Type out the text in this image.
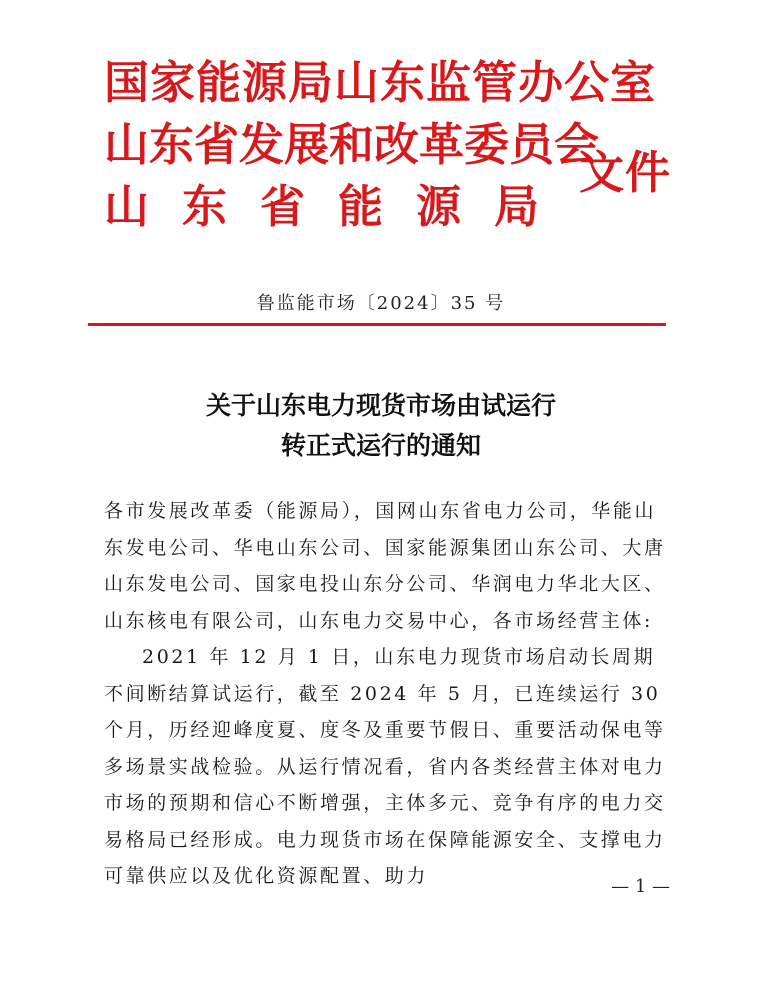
国家能源局山东监管办公室
山东省发展和改革委员会
山东省能源局
文件
鲁监能市场〔2024〕35 号
关于山东电力现货市场由试运行
转正式运行的通知

各市发展改革委（能源局），国网山东省电力公司，华能山东发电公司、华电山东公司、国家能源集团山东公司、大唐山东发电公司、国家电投山东分公司、华润电力华北大区、山东核电有限公司，山东电力交易中心，各市场经营主体:

2021 年 12 月 1 日，山东电力现货市场启动长周期不间断结算试运行，截至 2024 年 5 月，已连续运行 30 个月，历经迎峰度夏、度冬及重要节假日、重要活动保电等多场景实战检验。从运行情况看，省内各类经营主体对电力市场的预期和信心不断增强，主体多元、竞争有序的电力交易格局已经形成。电力现货市场在保障能源安全、支撑电力可靠供应以及优化资源配置、助力	— 1 —
